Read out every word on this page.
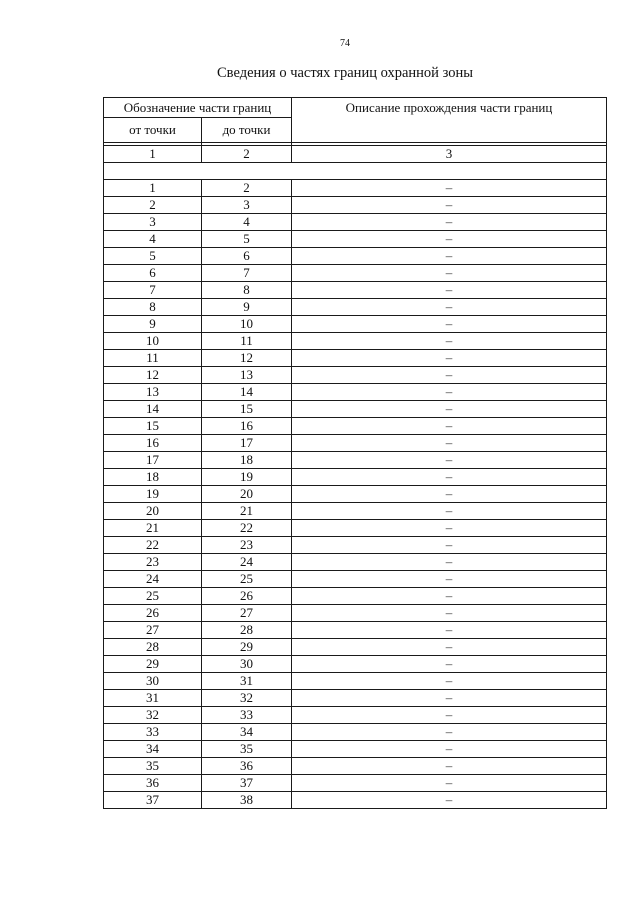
74
Сведения о частях границ охранной зоны
Обозначение части границ		Описание прохождения части границ
от точки	до точки	

1	2	3

1	2	–
2	3	–
3	4	–
4	5	–
5	6	–
6	7	–
7	8	–
8	9	–
9	10	–
10	11	–
11	12	–
12	13	–
13	14	–
14	15	–
15	16	–
16	17	–
17	18	–
18	19	–
19	20	–
20	21	–
21	22	–
22	23	–
23	24	–
24	25	–
25	26	–
26	27	–
27	28	–
28	29	–
29	30	–
30	31	–
31	32	–
32	33	–
33	34	–
34	35	–
35	36	–
36	37	–
37	38	–
